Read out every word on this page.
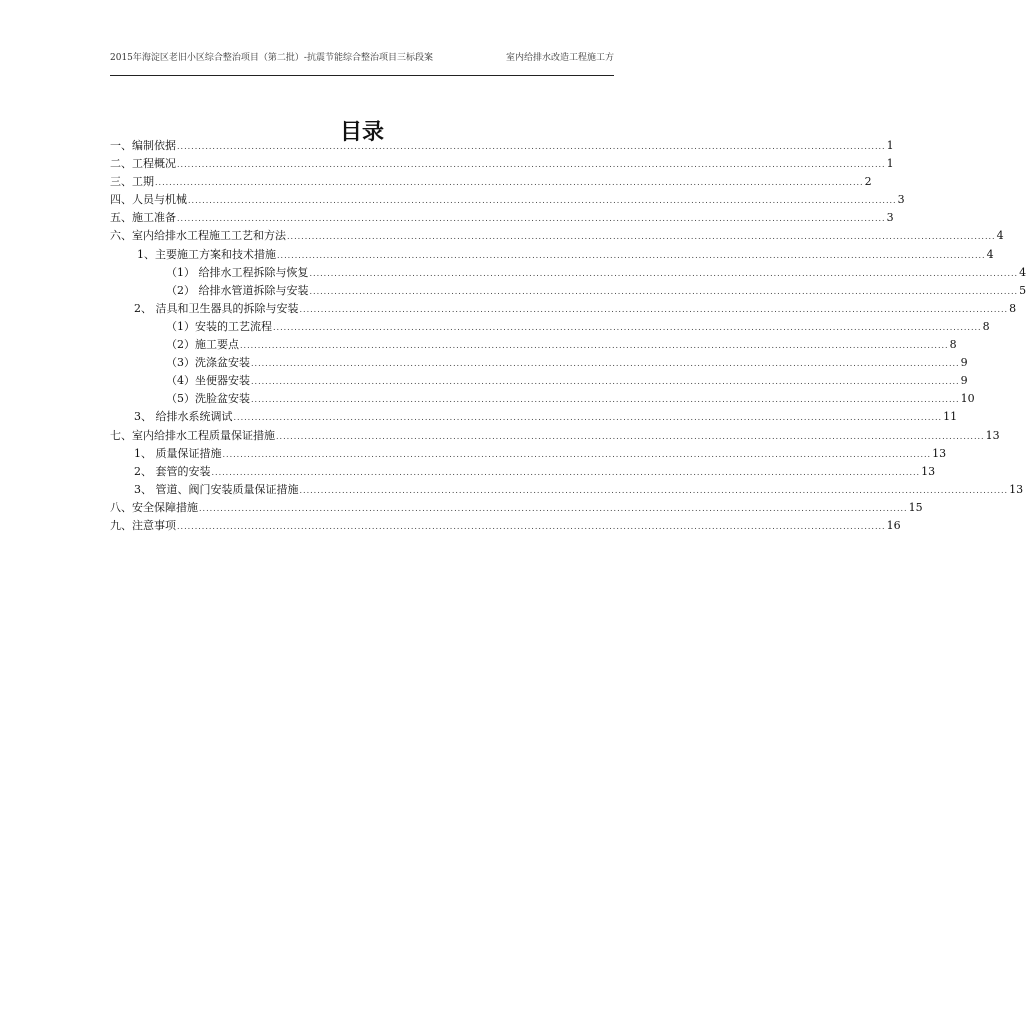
2015年海淀区老旧小区综合整治项目（第二批）-抗震节能综合整治项目三标段案	室内给排水改造工程施工方
目录
一、编制依据 ........................................................................................................................................................................................................ 1
二、工程概况 ........................................................................................................................................................................................................ 1
三、工期 ........................................................................................................................................................................................................ 2
四、人员与机械 ........................................................................................................................................................................................................ 3
五、施工准备 ........................................................................................................................................................................................................ 3
六、室内给排水工程施工工艺和方法 ........................................................................................................................................................................................................ 4
1、主要施工方案和技术措施 ........................................................................................................................................................................................................ 4
（1） 给排水工程拆除与恢复 ........................................................................................................................................................................................................ 4
（2） 给排水管道拆除与安装 ........................................................................................................................................................................................................ 5
2、 洁具和卫生器具的拆除与安装 ........................................................................................................................................................................................................ 8
（1）安装的工艺流程 ........................................................................................................................................................................................................ 8
（2）施工要点 ........................................................................................................................................................................................................ 8
（3）洗涤盆安装 ........................................................................................................................................................................................................ 9
（4）坐便器安装 ........................................................................................................................................................................................................ 9
（5）洗脸盆安装 ........................................................................................................................................................................................................ 10
3、 给排水系统调试 ........................................................................................................................................................................................................ 11
七、室内给排水工程质量保证措施 ........................................................................................................................................................................................................ 13
1、 质量保证措施 ........................................................................................................................................................................................................ 13
2、 套管的安装 ........................................................................................................................................................................................................ 13
3、 管道、阀门安装质量保证措施 ........................................................................................................................................................................................................ 13
八、安全保障措施 ........................................................................................................................................................................................................ 15
九、注意事项 ........................................................................................................................................................................................................ 16
